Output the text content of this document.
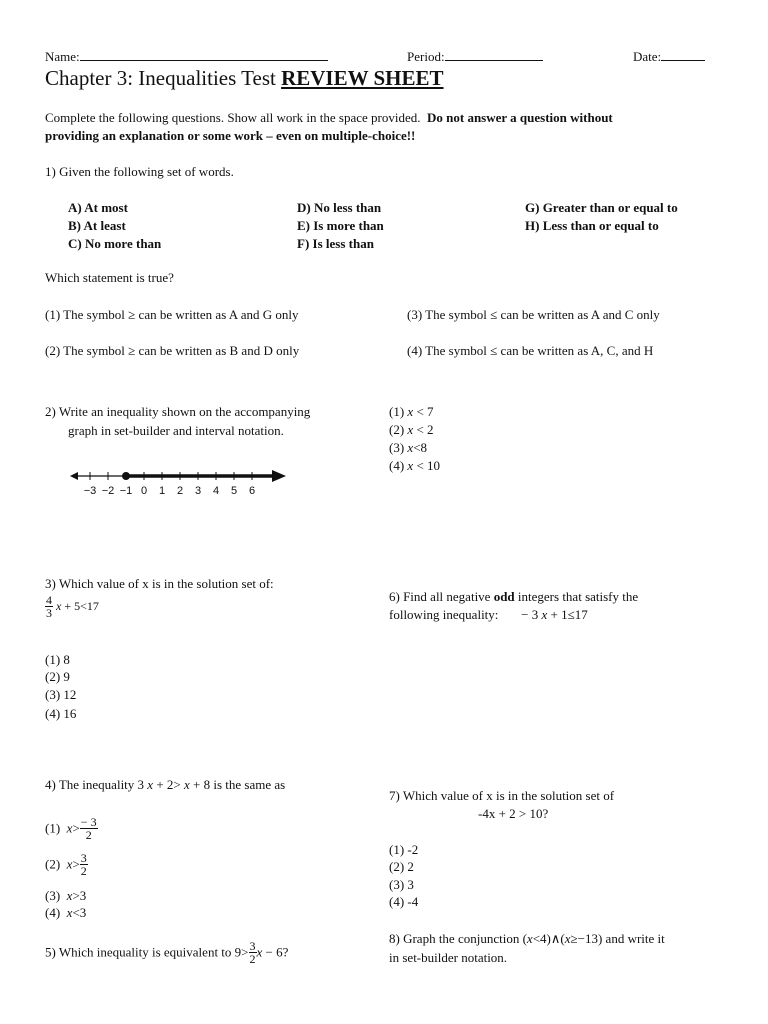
Name:	Period:	Date:
Chapter 3: Inequalities Test REVIEW SHEET
Complete the following questions. Show all work in the space provided. Do not answer a question without
providing an explanation or some work – even on multiple-choice!!
1) Given the following set of words.
A) At most
B) At least
C) No more than
D) No less than
E) Is more than
F) Is less than
G) Greater than or equal to
H) Less than or equal to
Which statement is true?
(1) The symbol ≥ can be written as A and G only
(2) The symbol ≥ can be written as B and D only
(3) The symbol ≤ can be written as A and C only
(4) The symbol ≤ can be written as A, C, and H
2) Write an inequality shown on the accompanying
graph in set-builder and interval notation.
−3 −2 −1 0 1 2 3 4 5 6
(1) x < 7
(2) x < 2
(3) x<8
(4) x < 10
3) Which value of x is in the solution set of:
$\frac{4}{3}$ x + 5<17
(1) 8
(2) 9
(3) 12
(4) 16
6) Find all negative odd integers that satisfy the
following inequality: − 3 x + 1≤17
4) The inequality 3 x + 2> x + 8 is the same as
(1)  $x> \frac{- 3}{2}$
(2)  $x> \frac{3}{2}$
(3)  x>3
(4)  x<3
7) Which value of x is in the solution set of
-4x + 2 > 10?
(1) -2
(2) 2
(3) 3
(4) -4
5) Which inequality is equivalent to $9> \frac{3}{2}$ x − 6?
8) Graph the conjunction (x<4)∧(x≥−13) and write it
in set-builder notation.
